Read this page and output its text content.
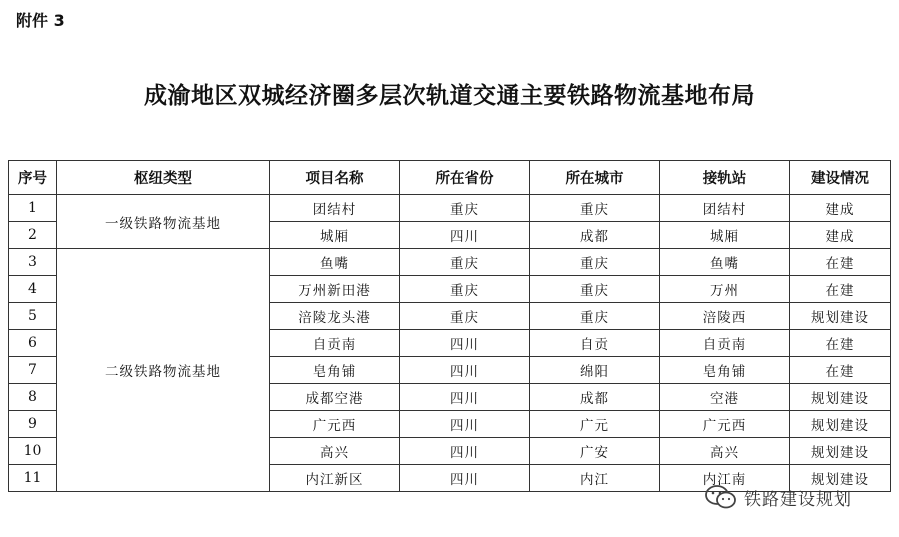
附件 3
成渝地区双城经济圈多层次轨道交通主要铁路物流基地布局
序号	枢纽类型	项目名称	所在省份	所在城市	接轨站	建设情况
1	一级铁路物流基地	团结村	重庆	重庆	团结村	建成
2		城厢	四川	成都	城厢	建成
3	二级铁路物流基地	鱼嘴	重庆	重庆	鱼嘴	在建
4		万州新田港	重庆	重庆	万州	在建
5		涪陵龙头港	重庆	重庆	涪陵西	规划建设
6		自贡南	四川	自贡	自贡南	在建
7		皂角铺	四川	绵阳	皂角铺	在建
8		成都空港	四川	成都	空港	规划建设
9		广元西	四川	广元	广元西	规划建设
10		高兴	四川	广安	高兴	规划建设
11		内江新区	四川	内江	内江南	规划建设
铁路建设规划
